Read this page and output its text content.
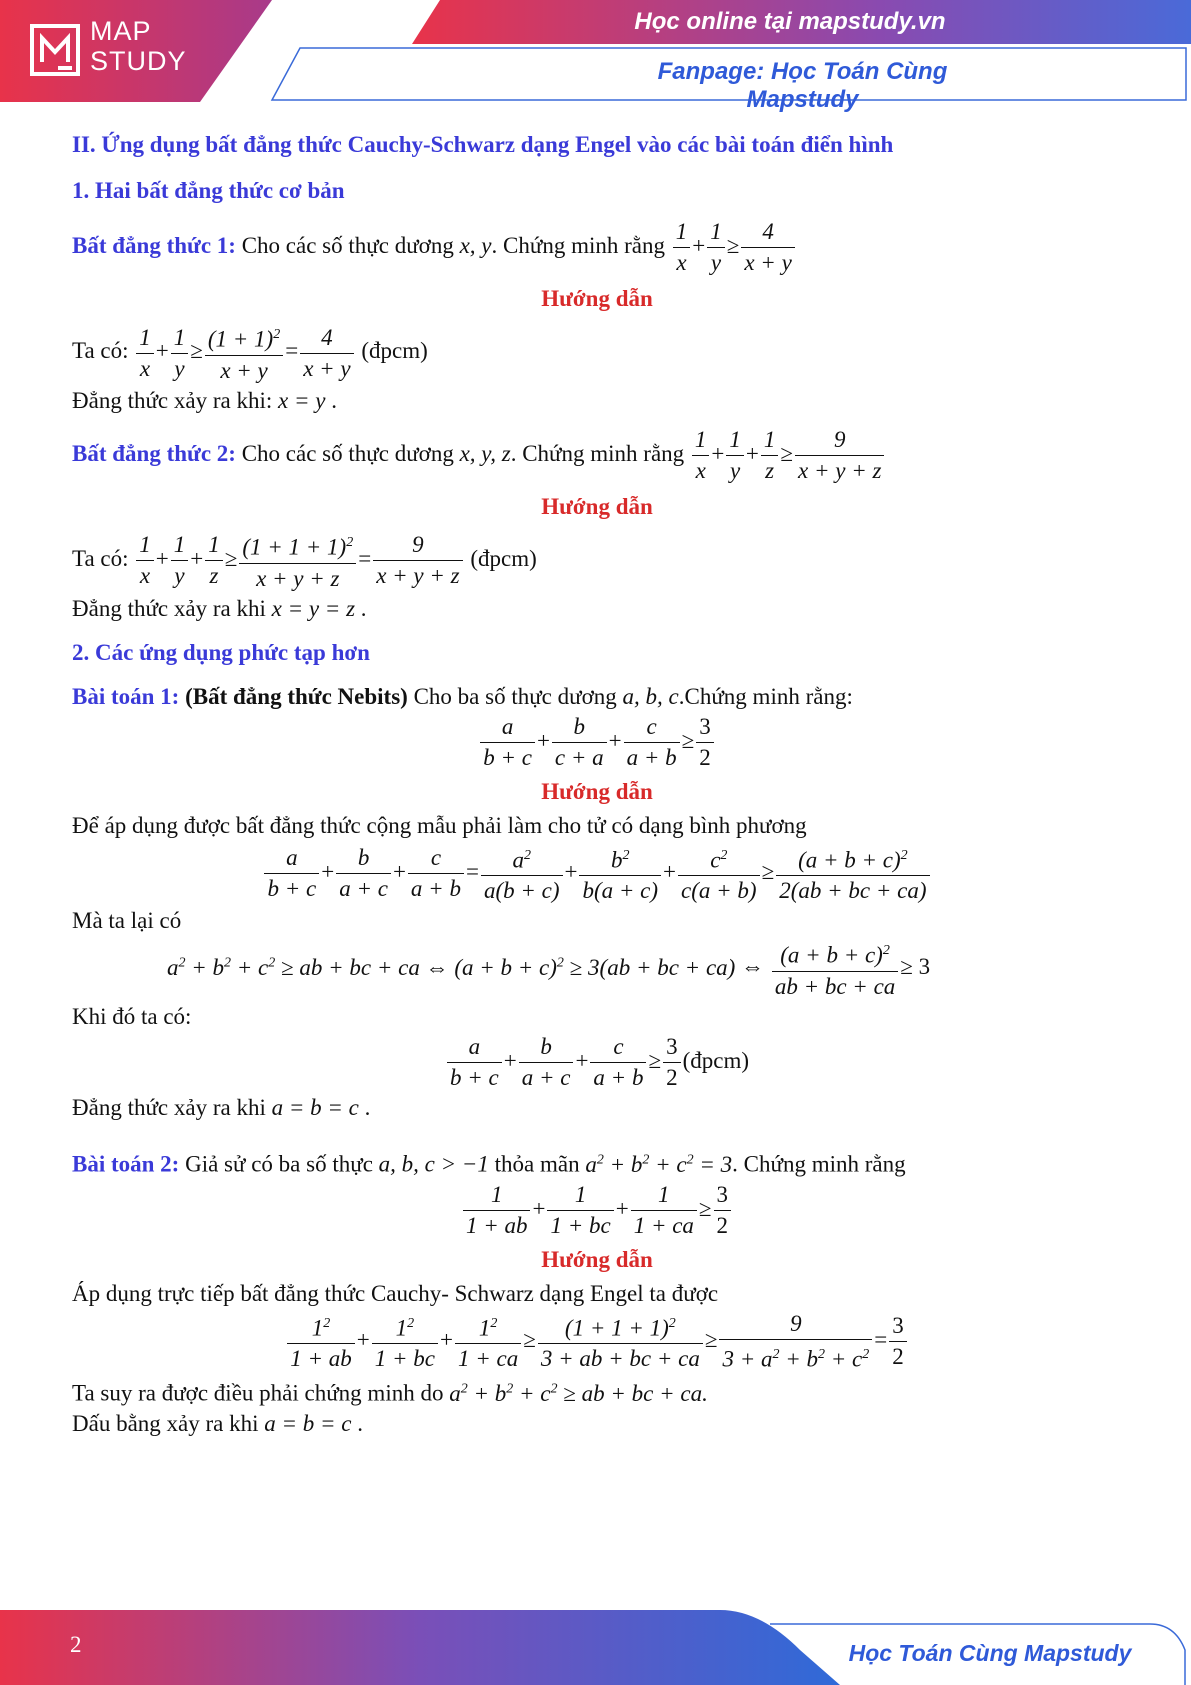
MAP
STUDY
Học online tại mapstudy.vn
Fanpage: Học Toán Cùng Mapstudy

II. Ứng dụng bất đẳng thức Cauchy-Schwarz dạng Engel vào các bài toán điển hình

1. Hai bất đẳng thức cơ bản

Bất đẳng thức 1: Cho các số thực dương x, y. Chứng minh rằng $\frac{1}{x} + \frac{1}{y} \ge \frac{4}{x + y}$

Hướng dẫn

Ta có: $\frac{1}{x} + \frac{1}{y} \ge \frac{(1 + 1)^2}{x + y} = \frac{4}{x + y}$ (đpcm)

Đẳng thức xảy ra khi: x = y .

Bất đẳng thức 2: Cho các số thực dương x, y, z. Chứng minh rằng $\frac{1}{x} + \frac{1}{y} + \frac{1}{z} \ge \frac{9}{x + y + z}$

Hướng dẫn

Ta có: $\frac{1}{x} + \frac{1}{y} + \frac{1}{z} \ge \frac{(1 + 1 + 1)^2}{x + y + z} = \frac{9}{x + y + z}$ (đpcm)

Đẳng thức xảy ra khi x = y = z .

2. Các ứng dụng phức tạp hơn

Bài toán 1: (Bất đẳng thức Nebits) Cho ba số thực dương a, b, c.Chứng minh rằng:

$\frac{a}{b + c} + \frac{b}{c + a} + \frac{c}{a + b} \ge \frac{3}{2}$

Hướng dẫn

Để áp dụng được bất đẳng thức cộng mẫu phải làm cho tử có dạng bình phương

$\frac{a}{b + c} + \frac{b}{a + c} + \frac{c}{a + b} = \frac{a^2}{a(b + c)} + \frac{b^2}{b(a + c)} + \frac{c^2}{c(a + b)} \ge \frac{(a + b + c)^2}{2(ab + bc + ca)}$

Mà ta lại có

$a^2 + b^2 + c^2$ ≥ ab + bc + ca ⇔ $(a + b + c)^2 \ge 3(ab$ + bc + ca) ⇔ $\frac{(a + b + c)^2}{ab + bc + ca} \ge 3$

Khi đó ta có:

$\frac{a}{b + c} + \frac{b}{a + c} + \frac{c}{a + b} \ge \frac{3}{2}$ (đpcm)

Đẳng thức xảy ra khi a = b = c .

Bài toán 2: Giả sử có ba số thực a, b, c > −1 thỏa mãn $a^2 + b^2 + c^2 = 3$. Chứng minh rằng

$\frac{1}{1 + ab} + \frac{1}{1 + bc} + \frac{1}{1 + ca} \ge \frac{3}{2}$

Hướng dẫn

Áp dụng trực tiếp bất đẳng thức Cauchy- Schwarz dạng Engel ta được

$\frac{1^2}{1 + ab} + \frac{1^2}{1 + bc} + \frac{1^2}{1 + ca} \ge \frac{(1 + 1 + 1)^2}{3 + ab + bc + ca} \ge \frac{9}{3 + a^2 + b^2 + c^2} = \frac{3}{2}$

Ta suy ra được điều phải chứng minh do $a^2 + b^2 + c^2$ ≥ ab + bc + ca.

Dấu bằng xảy ra khi a = b = c .

2	Học Toán Cùng Mapstudy
